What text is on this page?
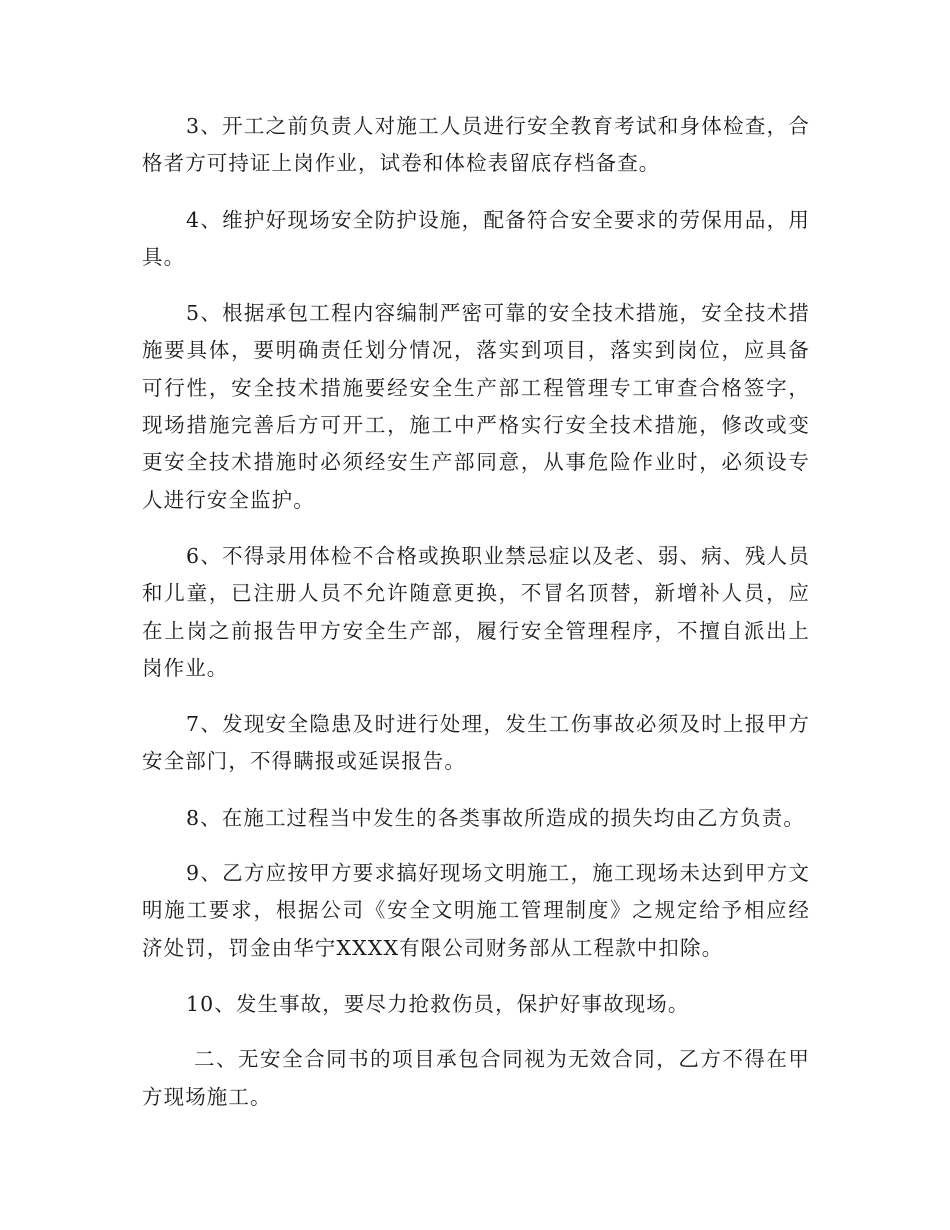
3、开工之前负责人对施工人员进行安全教育考试和身体检查，合格者方可持证上岗作业，试卷和体检表留底存档备查。

4、维护好现场安全防护设施，配备符合安全要求的劳保用品，用具。

5、根据承包工程内容编制严密可靠的安全技术措施，安全技术措施要具体，要明确责任划分情况，落实到项目，落实到岗位，应具备可行性，安全技术措施要经安全生产部工程管理专工审查合格签字，现场措施完善后方可开工，施工中严格实行安全技术措施，修改或变更安全技术措施时必须经安生产部同意，从事危险作业时，必须设专人进行安全监护。

6、不得录用体检不合格或换职业禁忌症以及老、弱、病、残人员和儿童，已注册人员不允许随意更换，不冒名顶替，新增补人员，应在上岗之前报告甲方安全生产部，履行安全管理程序，不擅自派出上岗作业。

7、发现安全隐患及时进行处理，发生工伤事故必须及时上报甲方安全部门，不得瞒报或延误报告。

8、在施工过程当中发生的各类事故所造成的损失均由乙方负责。

9、乙方应按甲方要求搞好现场文明施工，施工现场未达到甲方文明施工要求，根据公司《安全文明施工管理制度》之规定给予相应经济处罚，罚金由华宁XXXX有限公司财务部从工程款中扣除。

10、发生事故，要尽力抢救伤员，保护好事故现场。

二、无安全合同书的项目承包合同视为无效合同，乙方不得在甲方现场施工。
